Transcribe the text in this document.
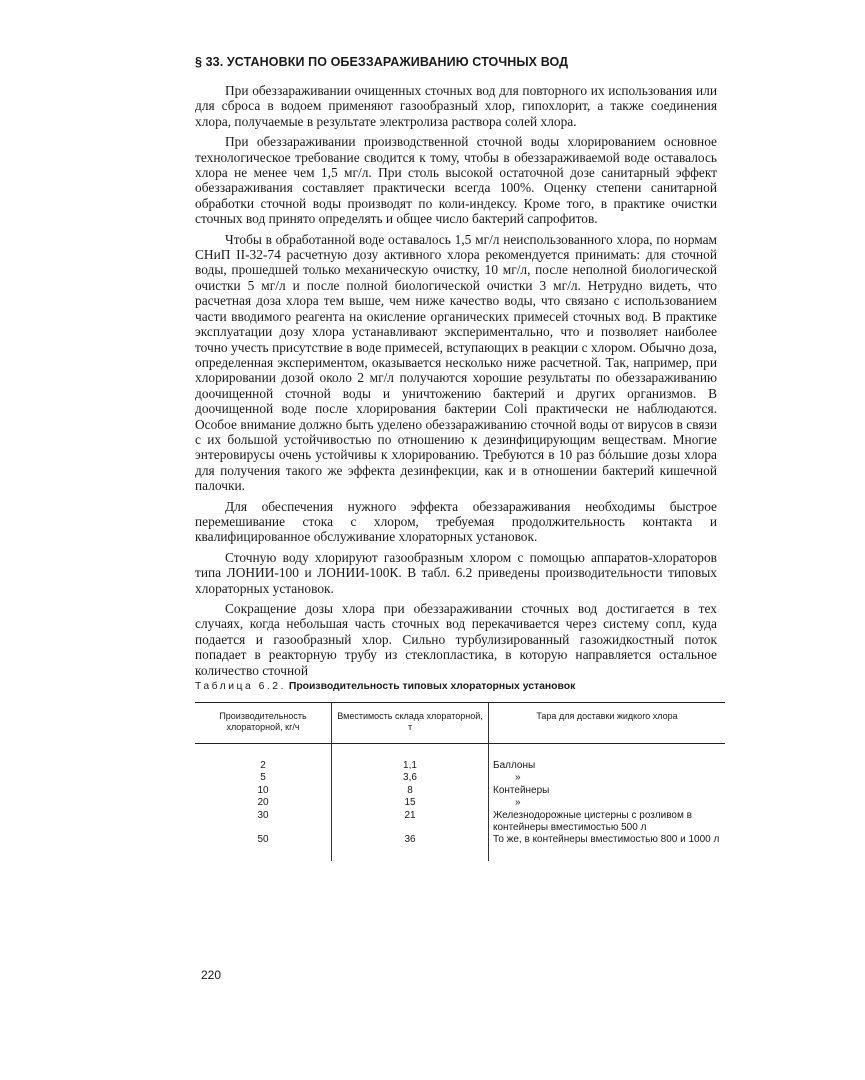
§ 33. УСТАНОВКИ ПО ОБЕЗЗАРАЖИВАНИЮ СТОЧНЫХ ВОД

При обеззараживании очищенных сточных вод для повторного их использования или для сброса в водоем применяют газообразный хлор, гипохлорит, а также соединения хлора, получаемые в результате электролиза раствора солей хлора.

При обеззараживании производственной сточной воды хлорированием основное технологическое требование сводится к тому, чтобы в обеззараживаемой воде оставалось хлора не менее чем 1,5 мг/л. При столь высокой остаточной дозе санитарный эффект обеззараживания составляет практически всегда 100%. Оценку степени санитарной обработки сточной воды производят по коли-индексу. Кроме того, в практике очистки сточных вод принято определять и общее число бактерий сапрофитов.

Чтобы в обработанной воде оставалось 1,5 мг/л неиспользованного хлора, по нормам СНиП II-32-74 расчетную дозу активного хлора рекомендуется принимать: для сточной воды, прошедшей только механическую очистку, 10 мг/л, после неполной биологической очистки 5 мг/л и после полной биологической очистки 3 мг/л. Нетрудно видеть, что расчетная доза хлора тем выше, чем ниже качество воды, что связано с использованием части вводимого реагента на окисление органических примесей сточных вод. В практике эксплуатации дозу хлора устанавливают экспериментально, что и позволяет наиболее точно учесть присутствие в воде примесей, вступающих в реакции с хлором. Обычно доза, определенная экспериментом, оказывается несколько ниже расчетной. Так, например, при хлорировании дозой около 2 мг/л получаются хорошие результаты по обеззараживанию доочищенной сточной воды и уничтожению бактерий и других организмов. В доочищенной воде после хлорирования бактерии Coli практически не наблюдаются. Особое внимание должно быть уделено обеззараживанию сточной воды от вирусов в связи с их большой устойчивостью по отношению к дезинфицирующим веществам. Многие энтеровирусы очень устойчивы к хлорированию. Требуются в 10 раз бóльшие дозы хлора для получения такого же эффекта дезинфекции, как и в отношении бактерий кишечной палочки.

Для обеспечения нужного эффекта обеззараживания необходимы быстрое перемешивание стока с хлором, требуемая продолжительность контакта и квалифицированное обслуживание хлораторных установок.

Сточную воду хлорируют газообразным хлором с помощью аппаратов-хлораторов типа ЛОНИИ-100 и ЛОНИИ-100К. В табл. 6.2 приведены производительности типовых хлораторных установок.

Сокращение дозы хлора при обеззараживании сточных вод достигается в тех случаях, когда небольшая часть сточных вод перекачивается через систему сопл, куда подается и газообразный хлор. Сильно турбулизированный газожидкостный поток попадает в реакторную трубу из стеклопластика, в которую направляется остальное количество сточной

Таблица 6.2. Производительность типовых хлораторных установок
Производительность хлораторной, кг/ч	Вместимость склада хлораторной, т	Тара для доставки жидкого хлора
2	1,1	Баллоны
5	3,6	»
10	8	Контейнеры
20	15	»
30	21	Железнодорожные цистерны с розливом в контейнеры вместимостью 500 л
50	36	То же, в контейнеры вместимостью 800 и 1000 л
220
